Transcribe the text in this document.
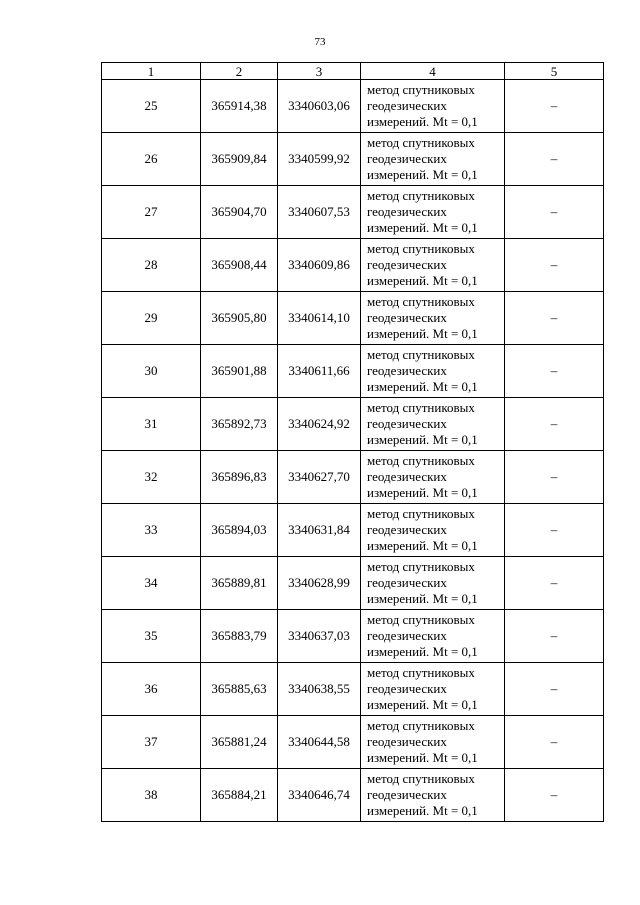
73
1	2	3	4	5
25	365914,38	3340603,06	метод спутниковых
геодезических
измерений. Mt = 0,1	–
26	365909,84	3340599,92	метод спутниковых
геодезических
измерений. Mt = 0,1	–
27	365904,70	3340607,53	метод спутниковых
геодезических
измерений. Mt = 0,1	–
28	365908,44	3340609,86	метод спутниковых
геодезических
измерений. Mt = 0,1	–
29	365905,80	3340614,10	метод спутниковых
геодезических
измерений. Mt = 0,1	–
30	365901,88	3340611,66	метод спутниковых
геодезических
измерений. Mt = 0,1	–
31	365892,73	3340624,92	метод спутниковых
геодезических
измерений. Mt = 0,1	–
32	365896,83	3340627,70	метод спутниковых
геодезических
измерений. Mt = 0,1	–
33	365894,03	3340631,84	метод спутниковых
геодезических
измерений. Mt = 0,1	–
34	365889,81	3340628,99	метод спутниковых
геодезических
измерений. Mt = 0,1	–
35	365883,79	3340637,03	метод спутниковых
геодезических
измерений. Mt = 0,1	–
36	365885,63	3340638,55	метод спутниковых
геодезических
измерений. Mt = 0,1	–
37	365881,24	3340644,58	метод спутниковых
геодезических
измерений. Mt = 0,1	–
38	365884,21	3340646,74	метод спутниковых
геодезических
измерений. Mt = 0,1	–
